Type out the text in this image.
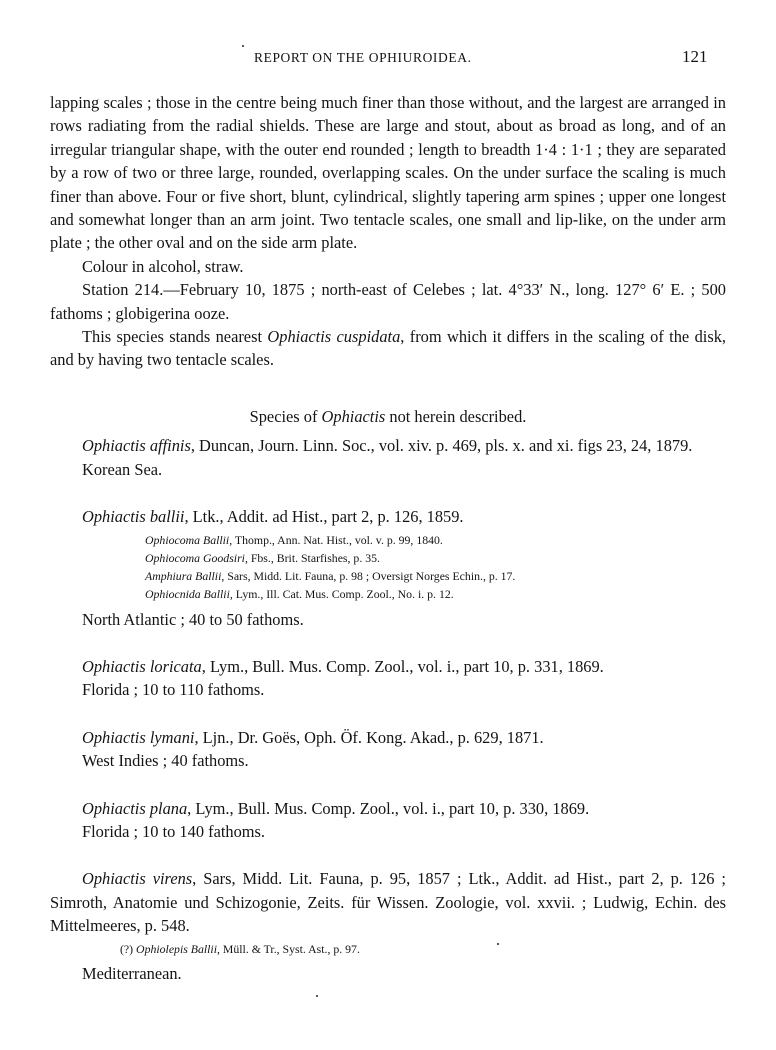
REPORT ON THE OPHIUROIDEA.	121

lapping scales ; those in the centre being much finer than those without, and the largest are arranged in rows radiating from the radial shields. These are large and stout, about as broad as long, and of an irregular triangular shape, with the outer end rounded ; length to breadth 1·4 : 1·1 ; they are separated by a row of two or three large, rounded, overlapping scales. On the under surface the scaling is much finer than above. Four or five short, blunt, cylindrical, slightly tapering arm spines ; upper one longest and somewhat longer than an arm joint. Two tentacle scales, one small and lip-like, on the under arm plate ; the other oval and on the side arm plate.

Colour in alcohol, straw.

Station 214.—February 10, 1875 ; north-east of Celebes ; lat. 4°33′ N., long. 127° 6′ E. ; 500 fathoms ; globigerina ooze.

This species stands nearest Ophiactis cuspidata, from which it differs in the scaling of the disk, and by having two tentacle scales.

Species of Ophiactis not herein described.

Ophiactis affinis, Duncan, Journ. Linn. Soc., vol. xiv. p. 469, pls. x. and xi. figs 23, 24, 1879.

Korean Sea.

Ophiactis ballii, Ltk., Addit. ad Hist., part 2, p. 126, 1859.

Ophiocoma Ballii, Thomp., Ann. Nat. Hist., vol. v. p. 99, 1840.

Ophiocoma Goodsiri, Fbs., Brit. Starfishes, p. 35.

Amphiura Ballii, Sars, Midd. Lit. Fauna, p. 98 ; Oversigt Norges Echin., p. 17.

Ophiocnida Ballii, Lym., Ill. Cat. Mus. Comp. Zool., No. i. p. 12.

North Atlantic ; 40 to 50 fathoms.

Ophiactis loricata, Lym., Bull. Mus. Comp. Zool., vol. i., part 10, p. 331, 1869.

Florida ; 10 to 110 fathoms.

Ophiactis lymani, Ljn., Dr. Goës, Oph. Öf. Kong. Akad., p. 629, 1871.

West Indies ; 40 fathoms.

Ophiactis plana, Lym., Bull. Mus. Comp. Zool., vol. i., part 10, p. 330, 1869.

Florida ; 10 to 140 fathoms.

Ophiactis virens, Sars, Midd. Lit. Fauna, p. 95, 1857 ; Ltk., Addit. ad Hist., part 2, p. 126 ; Simroth, Anatomie und Schizogonie, Zeits. für Wissen. Zoologie, vol. xxvii. ; Ludwig, Echin. des Mittelmeeres, p. 548.

(?) Ophiolepis Ballii, Müll. & Tr., Syst. Ast., p. 97.

Mediterranean.
